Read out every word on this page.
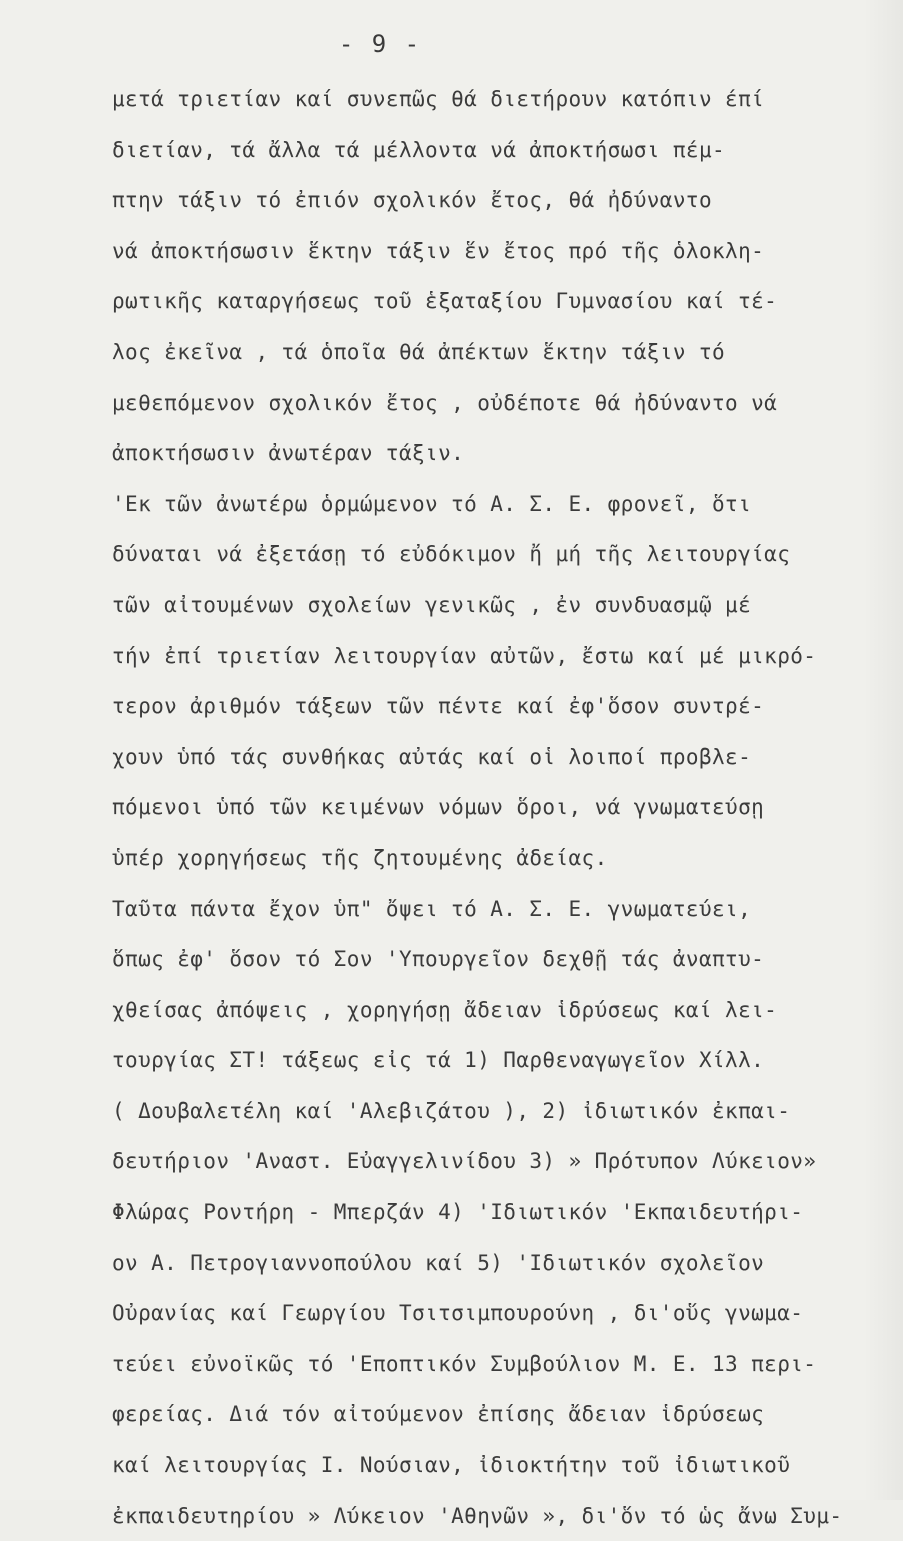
- 9 -
μετά τριετίαν καί συνεπῶς θά διετήρουν κατόπιν έπί
διετίαν, τά ἄλλα τά μέλλοντα νά ἀποκτήσωσι πέμ-
πτην τάξιν τό ἐπιόν σχολικόν ἔτος, θά ἠδύναντο
νά ἀποκτήσωσιν ἕκτην τάξιν ἕν ἔτος πρό τῆς ὁλοκλη-
ρωτικῆς καταργήσεως τοῦ ἑξαταξίου Γυμνασίου καί τέ-
λος ἐκεῖνα , τά ὁποῖα θά ἀπέκτων ἕκτην τάξιν τό
μεθεπόμενον σχολικόν ἔτος , οὐδέποτε θά ἠδύναντο νά
ἀποκτήσωσιν ἀνωτέραν τάξιν.
'Εκ τῶν ἀνωτέρω ὁρμώμενον τό Α. Σ. Ε. φρονεῖ, ὅτι
δύναται νά ἐξετάσῃ τό εὐδόκιμον ἤ μή τῆς λειτουργίας
τῶν αἰτουμένων σχολείων γενικῶς , ἐν συνδυασμῷ μέ
τήν ἐπί τριετίαν λειτουργίαν αὐτῶν, ἔστω καί μέ μικρό-
τερον ἀριθμόν τάξεων τῶν πέντε καί ἐφ'ὅσον συντρέ-
χουν ὑπό τάς συνθήκας αὐτάς καί οἱ λοιποί προβλε-
πόμενοι ὑπό τῶν κειμένων νόμων ὅροι, νά γνωματεύσῃ
ὑπέρ χορηγήσεως τῆς ζητουμένης ἀδείας.
Ταῦτα πάντα ἔχον ὑπ" ὄψει τό Α. Σ. Ε. γνωματεύει,
ὅπως ἐφ' ὅσον τό Σον 'Υπουργεῖον δεχθῇ τάς ἀναπτυ-
χθείσας ἀπόψεις , χορηγήσῃ ἄδειαν ἱδρύσεως καί λει-
τουργίας ΣΤ! τάξεως εἰς τά 1) Παρθεναγωγεῖον Χίλλ.
( Δουβαλετέλη καί 'Αλεβιζάτου ), 2) ἰδιωτικόν ἐκπαι-
δευτήριον 'Αναστ. Εὐαγγελινίδου 3) » Πρότυπον Λύκειον»
Φλώρας Ροντήρη - Μπερζάν 4) 'Ιδιωτικόν 'Εκπαιδευτήρι-
ον Α. Πετρογιαννοπούλου καί 5) 'Ιδιωτικόν σχολεῖον
Οὐρανίας καί Γεωργίου Τσιτσιμπουρούνη , δι'οὕς γνωμα-
τεύει εὐνοϊκῶς τό 'Εποπτικόν Συμβούλιον Μ. Ε. 13 περι-
φερείας. Διά τόν αἰτούμενον ἐπίσης ἄδειαν ἱδρύσεως
καί λειτουργίας Ι. Νούσιαν, ἰδιοκτήτην τοῦ ἰδιωτικοῦ
ἐκπαιδευτηρίου » Λύκειον 'Αθηνῶν », δι'ὅν τό ὡς ἄνω Συμ-
